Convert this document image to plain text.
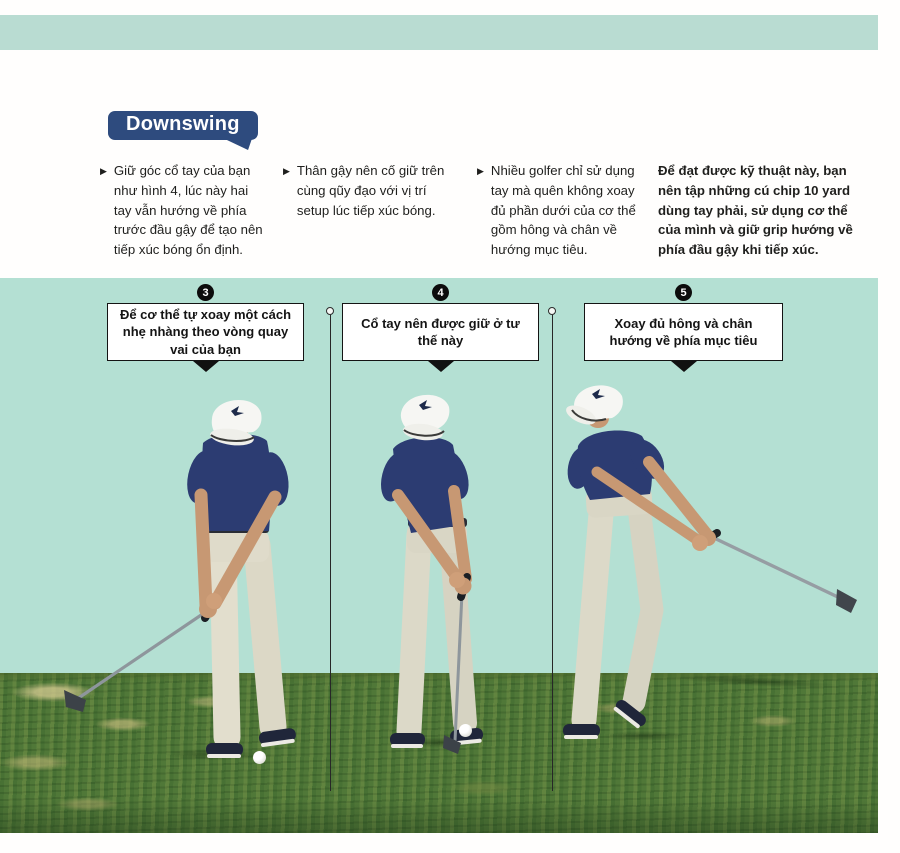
Downswing
▶ Giữ góc cổ tay của bạn như hình 4, lúc này hai tay vẫn hướng về phía trước đầu gậy để tạo nên tiếp xúc bóng ổn định.

▶ Thân gậy nên cố giữ trên cùng qũy đạo với vị trí setup lúc tiếp xúc bóng.

▶ Nhiều golfer chỉ sử dụng tay mà quên không xoay đủ phần dưới của cơ thể gồm hông và chân về hướng mục tiêu.

Để đạt được kỹ thuật này, bạn nên tập những cú chip 10 yard dùng tay phải, sử dụng cơ thể của mình và giữ grip hướng về phía đầu gậy khi tiếp xúc.

3
Để cơ thể tự xoay một cách nhẹ nhàng theo vòng quay vai của bạn
4
Cổ tay nên được giữ ở tư thế này
5
Xoay đủ hông và chân hướng về phía mục tiêu
